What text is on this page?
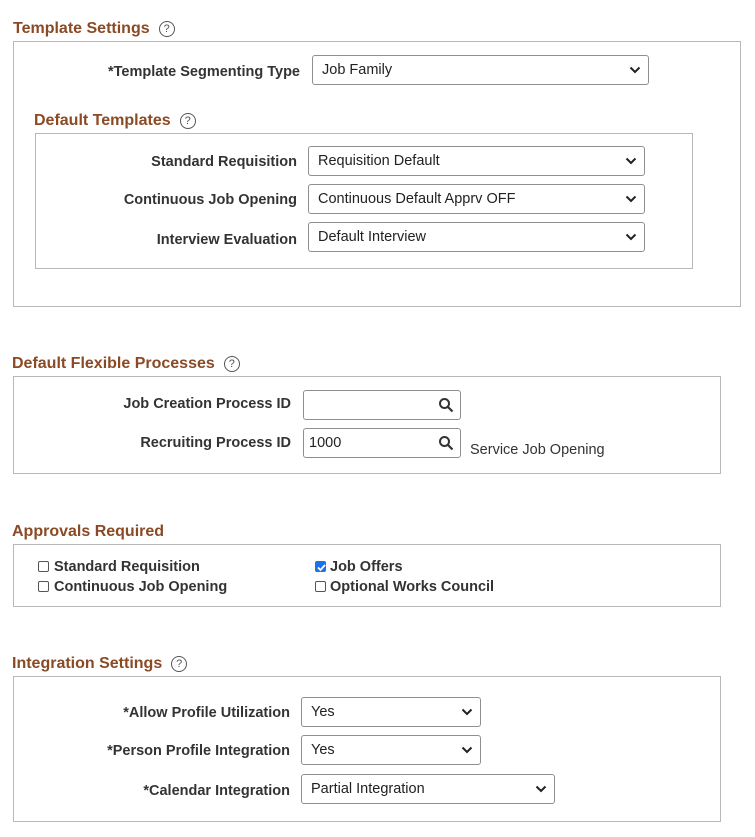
Template Settings	?
*Template Segmenting Type	Job Family
Default Templates	?
Standard Requisition	Requisition Default
Continuous Job Opening	Continuous Default Apprv OFF
Interview Evaluation	Default Interview
Default Flexible Processes	?
Job Creation Process ID
Recruiting Process ID	1000	Service Job Opening
Approvals Required
Standard Requisition	Job Offers
Continuous Job Opening	Optional Works Council
Integration Settings	?
*Allow Profile Utilization	Yes
*Person Profile Integration	Yes
*Calendar Integration	Partial Integration
